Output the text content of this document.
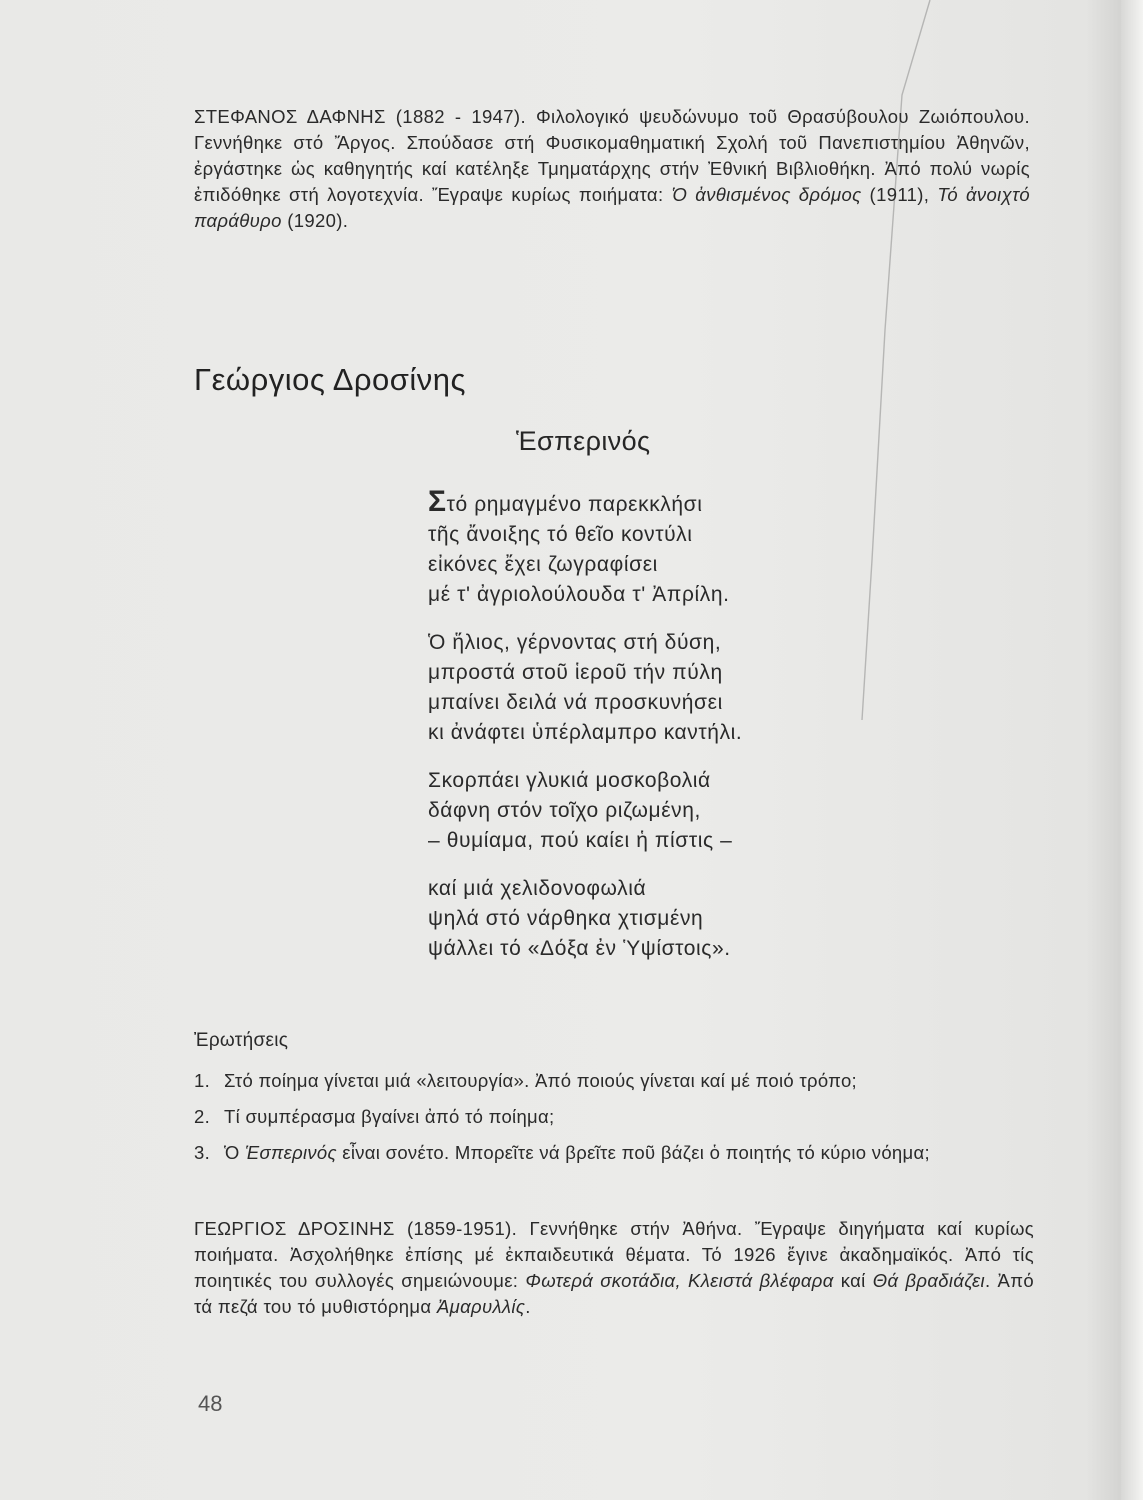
ΣΤΕΦΑΝΟΣ ΔΑΦΝΗΣ (1882 - 1947). Φιλολογικό ψευδώνυμο τοῦ Θρασύβουλου Ζωιόπουλου. Γεννήθηκε στό Ἄργος. Σπούδασε στή Φυσικομαθηματική Σχολή τοῦ Πανεπιστημίου Ἀθηνῶν, ἐργάστηκε ὡς καθηγητής καί κατέληξε Τμηματάρχης στήν Ἐθνική Βιβλιοθήκη. Ἀπό πολύ νωρίς ἐπιδόθηκε στή λογοτεχνία. Ἔγραψε κυρίως ποιήματα: Ὁ ἀνθισμένος δρόμος (1911), Τό ἀνοιχτό παράθυρο (1920).
Γεώργιος Δροσίνης
Ἑσπερινός
Στό ρημαγμένο παρεκκλήσι
τῆς ἄνοιξης τό θεῖο κοντύλι
εἰκόνες ἔχει ζωγραφίσει
μέ τ' ἀγριολούλουδα τ' Ἀπρίλη.
Ὁ ἥλιος, γέρνοντας στή δύση,
μπροστά στοῦ ἱεροῦ τήν πύλη
μπαίνει δειλά νά προσκυνήσει
κι ἀνάφτει ὑπέρλαμπρο καντήλι.
Σκορπάει γλυκιά μοσκοβολιά
δάφνη στόν τοῖχο ριζωμένη,
– θυμίαμα, πού καίει ἡ πίστις –
καί μιά χελιδονοφωλιά
ψηλά στό νάρθηκα χτισμένη
ψάλλει τό «Δόξα ἐν Ὑψίστοις».
Ἐρωτήσεις
1. Στό ποίημα γίνεται μιά «λειτουργία». Ἀπό ποιούς γίνεται καί μέ ποιό τρόπο;
2. Τί συμπέρασμα βγαίνει ἀπό τό ποίημα;
3. Ὁ Ἑσπερινός εἶναι σονέτο. Μπορεῖτε νά βρεῖτε ποῦ βάζει ὁ ποιητής τό κύριο νόημα;
ΓΕΩΡΓΙΟΣ ΔΡΟΣΙΝΗΣ (1859-1951). Γεννήθηκε στήν Ἀθήνα. Ἔγραψε διηγήματα καί κυρίως ποιήματα. Ἀσχολήθηκε ἐπίσης μέ ἐκπαιδευτικά θέματα. Τό 1926 ἔγινε ἀκαδημαϊκός. Ἀπό τίς ποιητικές του συλλογές σημειώνουμε: Φωτερά σκοτάδια, Κλειστά βλέφαρα καί Θά βραδιάζει. Ἀπό τά πεζά του τό μυθιστόρημα Ἀμαρυλλίς.
48
